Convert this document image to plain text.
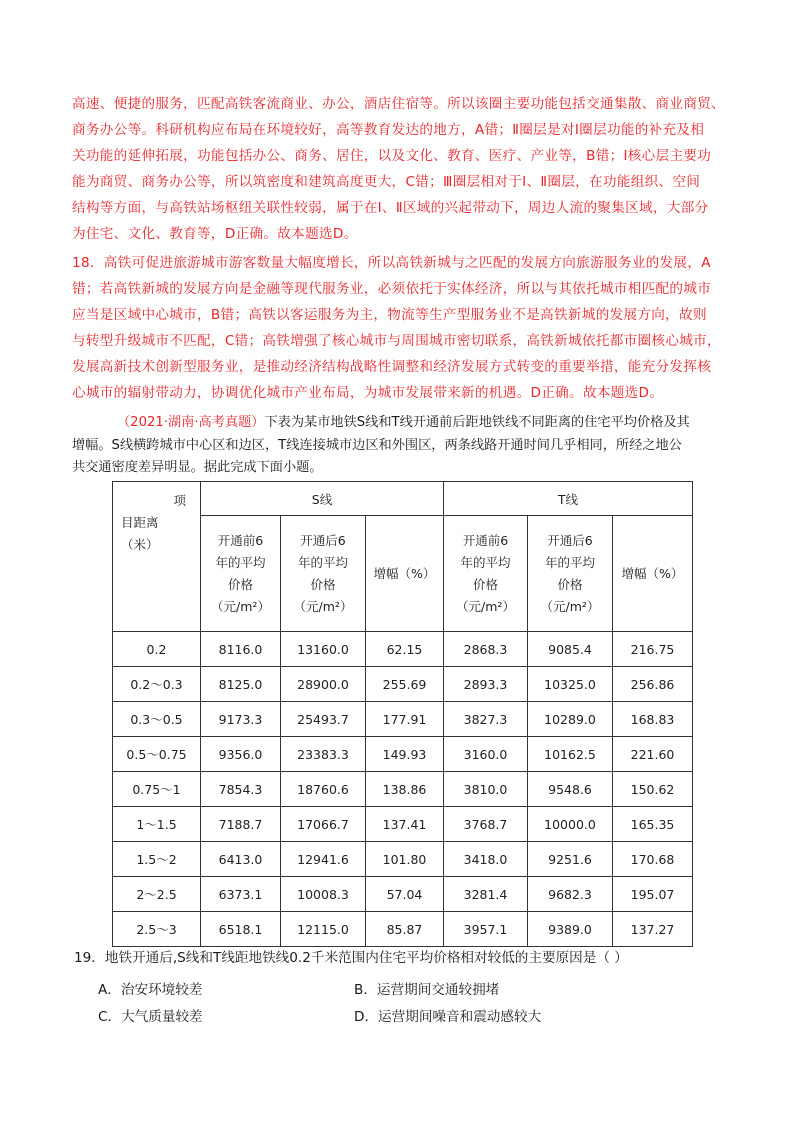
高速、便捷的服务，匹配高铁客流商业、办公，酒店住宿等。所以该圈主要功能包括交通集散、商业商贸、

商务办公等。科研机构应布局在环境较好，高等教育发达的地方，A错；Ⅱ圈层是对Ⅰ圈层功能的补充及相

关功能的延伸拓展，功能包括办公、商务、居住，以及文化、教育、医疗、产业等，B错；Ⅰ核心层主要功

能为商贸、商务办公等，所以筑密度和建筑高度更大，C错；Ⅲ圈层相对于Ⅰ、Ⅱ圈层，在功能组织、空间

结构等方面，与高铁站场枢纽关联性较弱，属于在Ⅰ、Ⅱ区域的兴起带动下，周边人流的聚集区域，大部分

为住宅、文化、教育等，D正确。故本题选D。

18．高铁可促进旅游城市游客数量大幅度增长，所以高铁新城与之匹配的发展方向旅游服务业的发展，A

错；若高铁新城的发展方向是金融等现代服务业，必须依托于实体经济，所以与其依托城市相匹配的城市

应当是区域中心城市，B错；高铁以客运服务为主，物流等生产型服务业不是高铁新城的发展方向，故则

与转型升级城市不匹配，C错；高铁增强了核心城市与周围城市密切联系，高铁新城依托都市圈核心城市，

发展高新技术创新型服务业，是推动经济结构战略性调整和经济发展方式转变的重要举措，能充分发挥核

心城市的辐射带动力，协调优化城市产业布局，为城市发展带来新的机遇。D正确。故本题选D。

（2021·湖南·高考真题）下表为某市地铁S线和T线开通前后距地铁线不同距离的住宅平均价格及其

增幅。S线横跨城市中心区和边区，T线连接城市边区和外围区，两条线路开通时间几乎相同，所经之地公

共交通密度差异明显。据此完成下面小题。

项
目距离
（米）	S线			T线		
	开通前6
年的平均
价格
（元/m²）	开通后6
年的平均
价格
（元/m²）	增幅（%）	开通前6
年的平均
价格
（元/m²）	开通后6
年的平均
价格
（元/m²）	增幅（%）
0.2	8116.0	13160.0	62.15	2868.3	9085.4	216.75
0.2～0.3	8125.0	28900.0	255.69	2893.3	10325.0	256.86
0.3～0.5	9173.3	25493.7	177.91	3827.3	10289.0	168.83
0.5～0.75	9356.0	23383.3	149.93	3160.0	10162.5	221.60
0.75～1	7854.3	18760.6	138.86	3810.0	9548.6	150.62
1～1.5	7188.7	17066.7	137.41	3768.7	10000.0	165.35
1.5～2	6413.0	12941.6	101.80	3418.0	9251.6	170.68
2～2.5	6373.1	10008.3	57.04	3281.4	9682.3	195.07
2.5～3	6518.1	12115.0	85.87	3957.1	9389.0	137.27
19．地铁开通后,S线和T线距地铁线0.2千米范围内住宅平均价格相对较低的主要原因是（ ）
A．治安环境较差	B．运营期间交通较拥堵
C．大气质量较差	D．运营期间噪音和震动感较大
